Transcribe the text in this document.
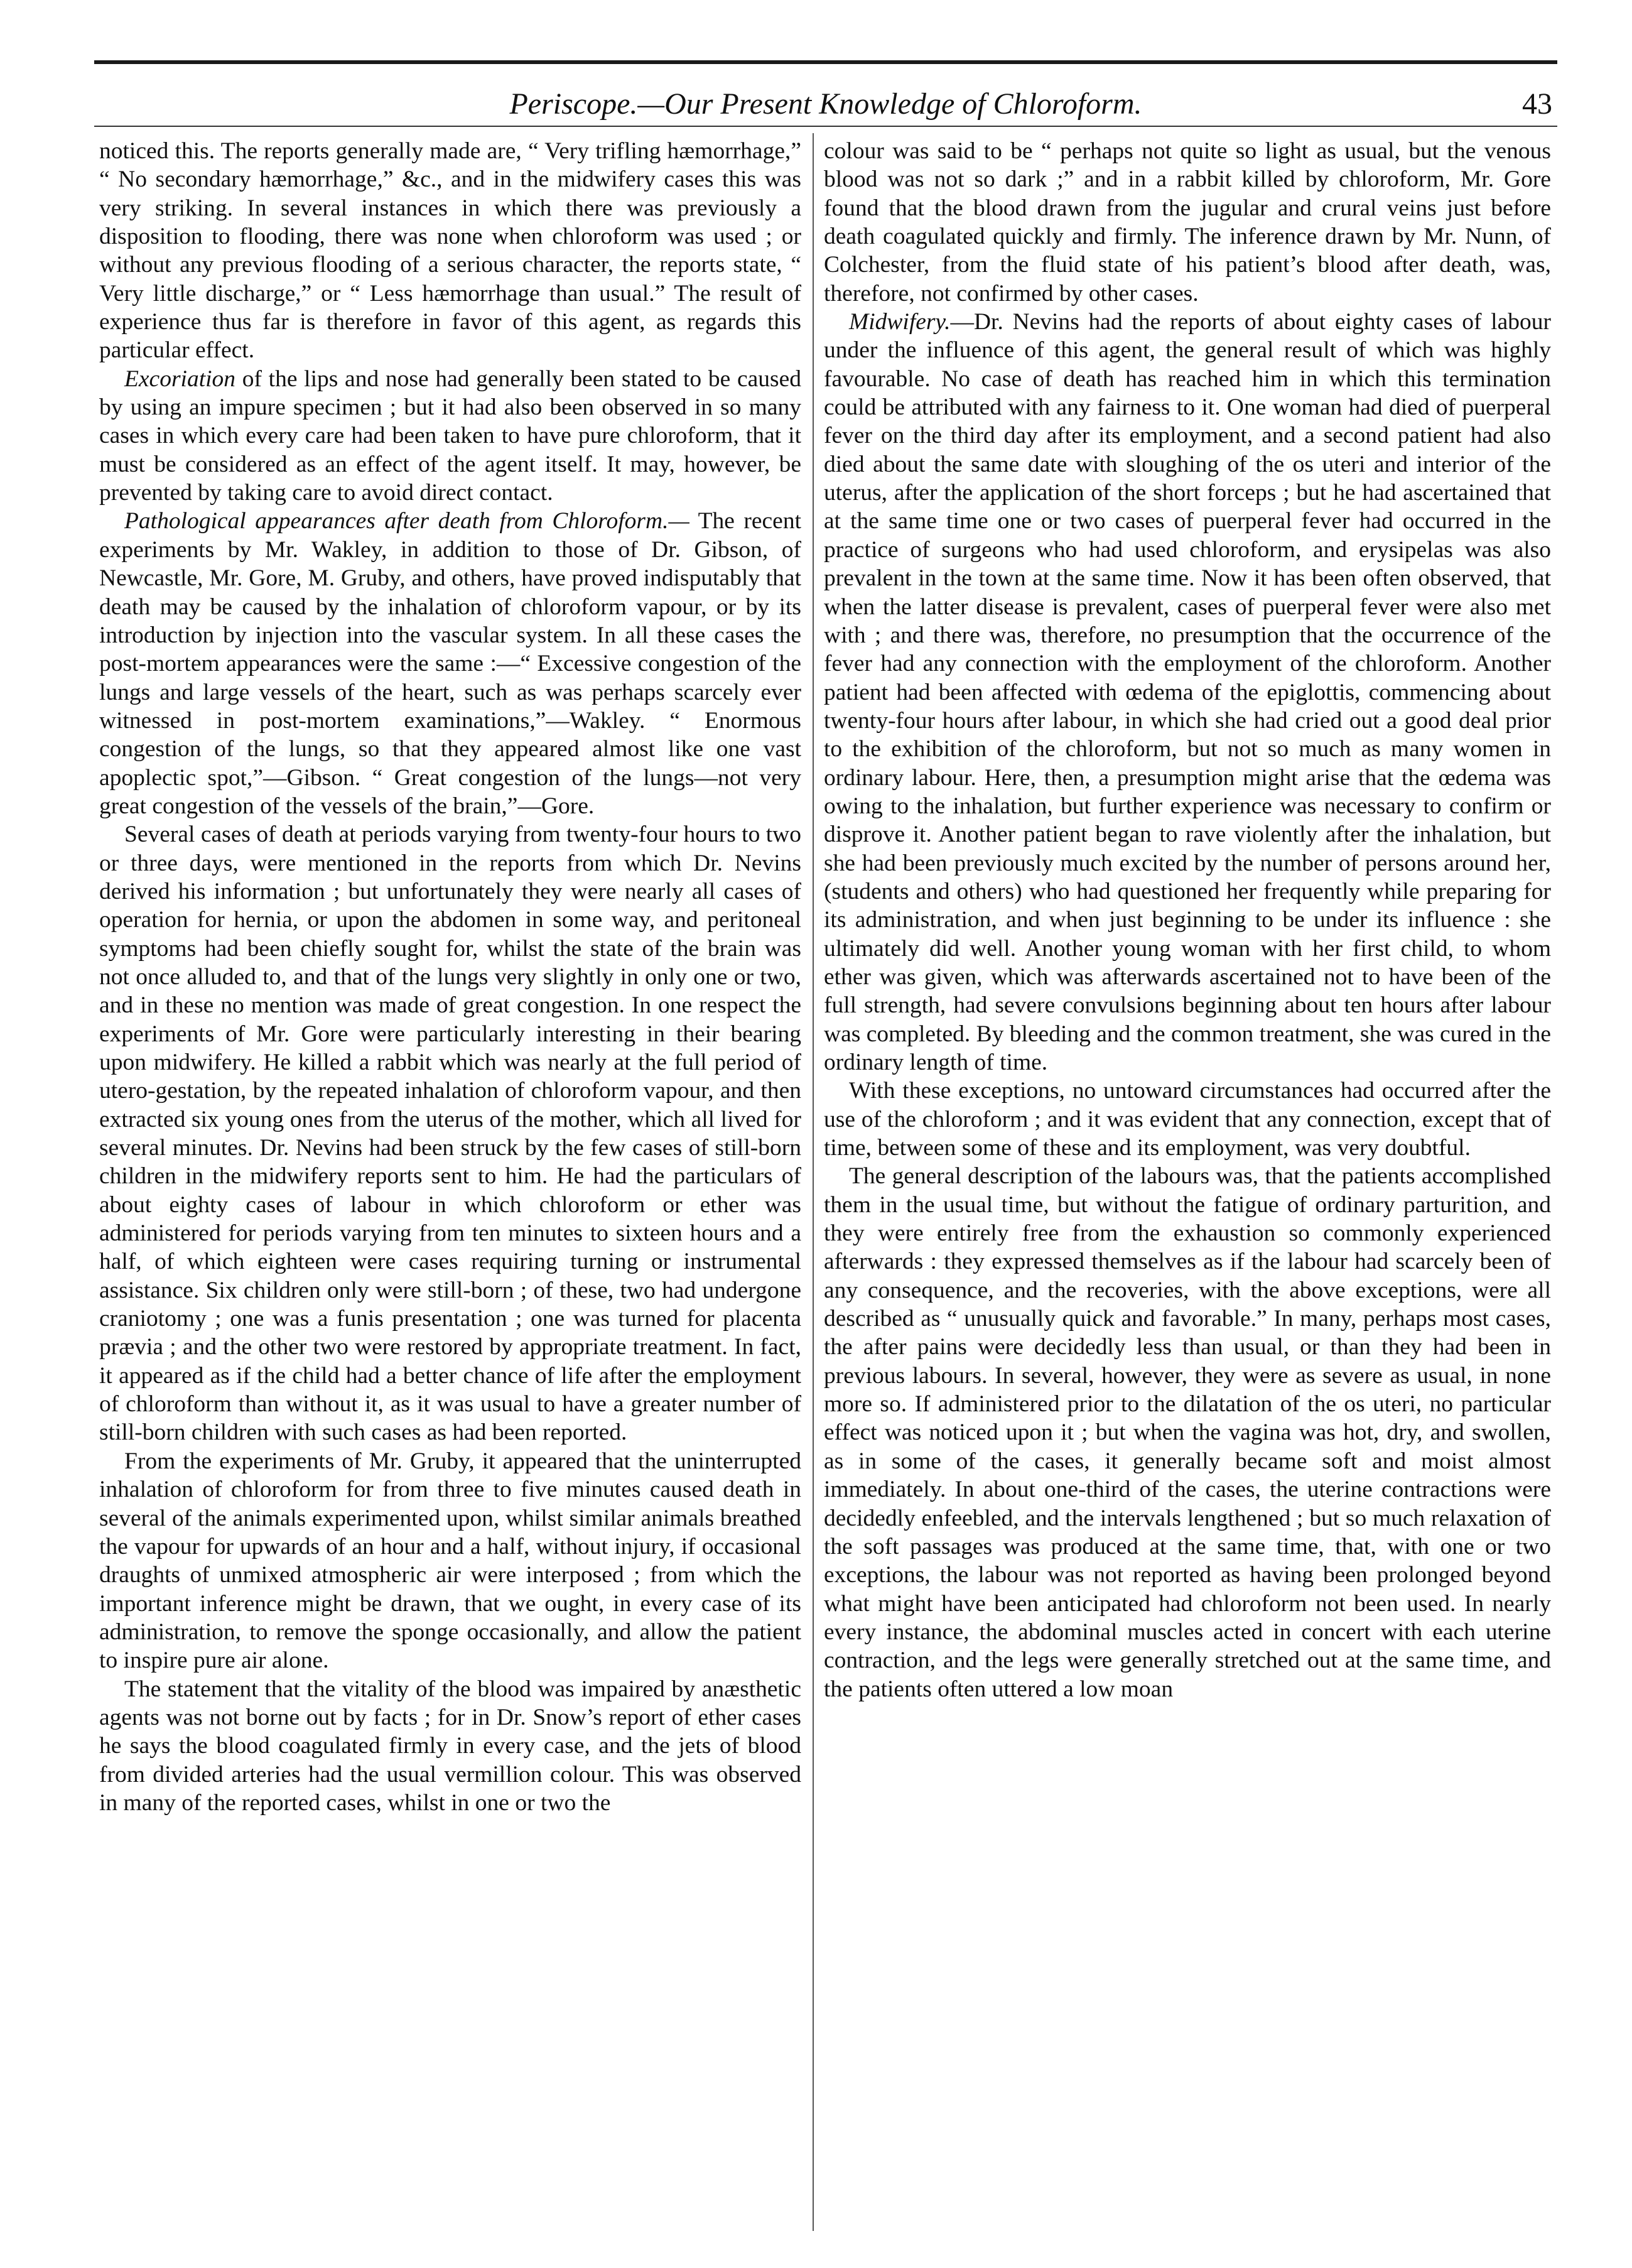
Periscope.—Our Present Knowledge of Chloroform.	43

noticed this. The reports generally made are, “ Very trifling hæmorrhage,” “ No secondary hæmorrhage,” &c., and in the midwifery cases this was very striking. In several instances in which there was previously a disposition to flooding, there was none when chloroform was used ; or without any previous flooding of a serious character, the reports state, “ Very little discharge,” or “ Less hæmorrhage than usual.” The result of experience thus far is therefore in favor of this agent, as regards this particular effect.

Excoriation of the lips and nose had generally been stated to be caused by using an impure specimen ; but it had also been observed in so many cases in which every care had been taken to have pure chloroform, that it must be considered as an effect of the agent itself. It may, however, be prevented by taking care to avoid direct contact.

Pathological appearances after death from Chloroform.— The recent experiments by Mr. Wakley, in addition to those of Dr. Gibson, of Newcastle, Mr. Gore, M. Gruby, and others, have proved indisputably that death may be caused by the inhalation of chloroform vapour, or by its introduction by injection into the vascular system. In all these cases the post-mortem appearances were the same :—“ Excessive congestion of the lungs and large vessels of the heart, such as was perhaps scarcely ever witnessed in post-mortem examinations,”—Wakley. “ Enormous congestion of the lungs, so that they appeared almost like one vast apoplectic spot,”—Gibson. “ Great congestion of the lungs—not very great congestion of the vessels of the brain,”—Gore.

Several cases of death at periods varying from twenty-four hours to two or three days, were mentioned in the reports from which Dr. Nevins derived his information ; but unfortunately they were nearly all cases of operation for hernia, or upon the abdomen in some way, and peritoneal symptoms had been chiefly sought for, whilst the state of the brain was not once alluded to, and that of the lungs very slightly in only one or two, and in these no mention was made of great congestion. In one respect the experiments of Mr. Gore were particularly interesting in their bearing upon midwifery. He killed a rabbit which was nearly at the full period of utero-gestation, by the repeated inhalation of chloroform vapour, and then extracted six young ones from the uterus of the mother, which all lived for several minutes. Dr. Nevins had been struck by the few cases of still-born children in the midwifery reports sent to him. He had the particulars of about eighty cases of labour in which chloroform or ether was administered for periods varying from ten minutes to sixteen hours and a half, of which eighteen were cases requiring turning or instrumental assistance. Six children only were still-born ; of these, two had undergone craniotomy ; one was a funis presentation ; one was turned for placenta prævia ; and the other two were restored by appropriate treatment. In fact, it appeared as if the child had a better chance of life after the employment of chloroform than without it, as it was usual to have a greater number of still-born children with such cases as had been reported.

From the experiments of Mr. Gruby, it appeared that the uninterrupted inhalation of chloroform for from three to five minutes caused death in several of the animals experimented upon, whilst similar animals breathed the vapour for upwards of an hour and a half, without injury, if occasional draughts of unmixed atmospheric air were interposed ; from which the important inference might be drawn, that we ought, in every case of its administration, to remove the sponge occasionally, and allow the patient to inspire pure air alone.

The statement that the vitality of the blood was impaired by anæsthetic agents was not borne out by facts ; for in Dr. Snow’s report of ether cases he says the blood coagulated firmly in every case, and the jets of blood from divided arteries had the usual vermillion colour. This was observed in many of the reported cases, whilst in one or two the

colour was said to be “ perhaps not quite so light as usual, but the venous blood was not so dark ;” and in a rabbit killed by chloroform, Mr. Gore found that the blood drawn from the jugular and crural veins just before death coagulated quickly and firmly. The inference drawn by Mr. Nunn, of Colchester, from the fluid state of his patient’s blood after death, was, therefore, not confirmed by other cases.

Midwifery.—Dr. Nevins had the reports of about eighty cases of labour under the influence of this agent, the general result of which was highly favourable. No case of death has reached him in which this termination could be attributed with any fairness to it. One woman had died of puerperal fever on the third day after its employment, and a second patient had also died about the same date with sloughing of the os uteri and interior of the uterus, after the application of the short forceps ; but he had ascertained that at the same time one or two cases of puerperal fever had occurred in the practice of surgeons who had used chloroform, and erysipelas was also prevalent in the town at the same time. Now it has been often observed, that when the latter disease is prevalent, cases of puerperal fever were also met with ; and there was, therefore, no presumption that the occurrence of the fever had any connection with the employment of the chloroform. Another patient had been affected with œdema of the epiglottis, commencing about twenty-four hours after labour, in which she had cried out a good deal prior to the exhibition of the chloroform, but not so much as many women in ordinary labour. Here, then, a presumption might arise that the œdema was owing to the inhalation, but further experience was necessary to confirm or disprove it. Another patient began to rave violently after the inhalation, but she had been previously much excited by the number of persons around her, (students and others) who had questioned her frequently while preparing for its administration, and when just beginning to be under its influence : she ultimately did well. Another young woman with her first child, to whom ether was given, which was afterwards ascertained not to have been of the full strength, had severe convulsions beginning about ten hours after labour was completed. By bleeding and the common treatment, she was cured in the ordinary length of time.

With these exceptions, no untoward circumstances had occurred after the use of the chloroform ; and it was evident that any connection, except that of time, between some of these and its employment, was very doubtful.

The general description of the labours was, that the patients accomplished them in the usual time, but without the fatigue of ordinary parturition, and they were entirely free from the exhaustion so commonly experienced afterwards : they expressed themselves as if the labour had scarcely been of any consequence, and the recoveries, with the above exceptions, were all described as “ unusually quick and favorable.” In many, perhaps most cases, the after pains were decidedly less than usual, or than they had been in previous labours. In several, however, they were as severe as usual, in none more so. If administered prior to the dilatation of the os uteri, no particular effect was noticed upon it ; but when the vagina was hot, dry, and swollen, as in some of the cases, it generally became soft and moist almost immediately. In about one-third of the cases, the uterine contractions were decidedly enfeebled, and the intervals lengthened ; but so much relaxation of the soft passages was produced at the same time, that, with one or two exceptions, the labour was not reported as having been prolonged beyond what might have been anticipated had chloroform not been used. In nearly every instance, the abdominal muscles acted in concert with each uterine contraction, and the legs were generally stretched out at the same time, and the patients often uttered a low moan
